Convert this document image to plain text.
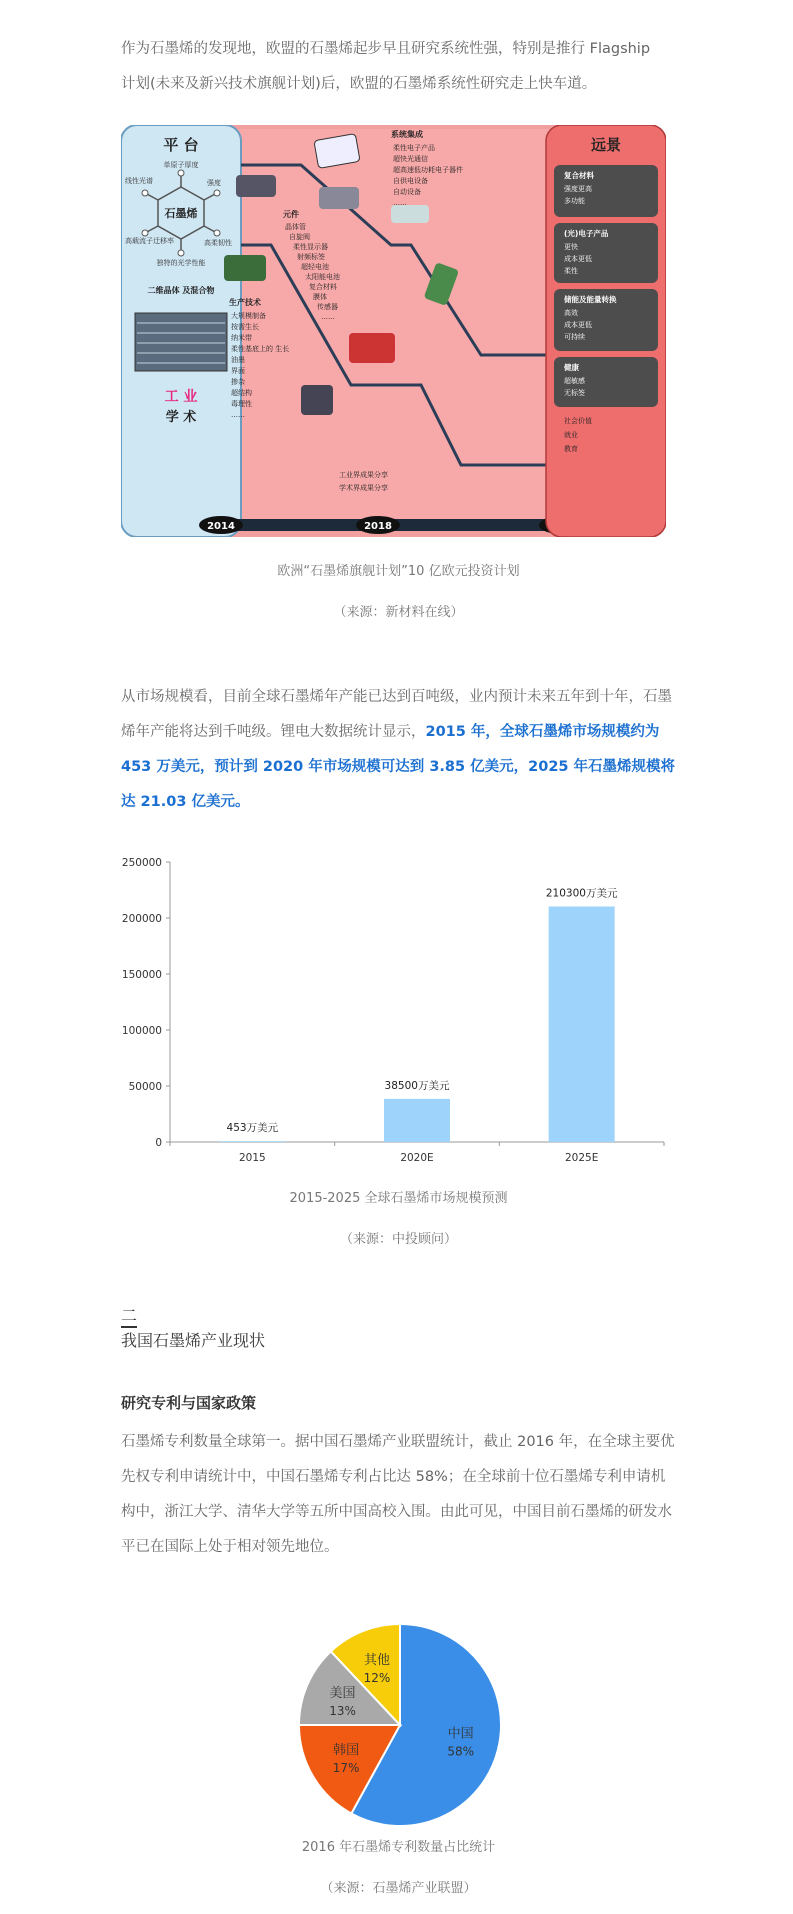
作为石墨烯的发现地，欧盟的石墨烯起步早且研究系统性强，特别是推行 Flagship
计划(未来及新兴技术旗舰计划)后，欧盟的石墨烯系统性研究走上快车道。
平 台
石墨烯
单原子厚度
强度
高柔韧性
独特的光学性能
高载流子迁移率
线性光谱
二维晶体 及混合物
工 业
学 术
2014	2018
系统集成
柔性电子产品
超快光通信
超高速低功耗电子器件
自供电设备
自动设备
……
元件
晶体管
自旋阀
柔性显示器
射频标签
超轻电池
太阳能电池
复合材料
膜体
传感器
……
生产技术
大规模制备
按需生长
纳米带
柔性基底上的 生长
油墨
界面
掺杂
超结构
毒理性
……
工业界成果分享
学术界成果分享
远景
复合材料
强度更高
多功能
(光)电子产品
更快
成本更低
柔性
储能及能量转换
高效
成本更低
可持续
健康
超敏感
无标签
社会价值
就业
教育
欧洲“石墨烯旗舰计划”10 亿欧元投资计划
（来源：新材料在线）
从市场规模看，目前全球石墨烯年产能已达到百吨级，业内预计未来五年到十年，石墨烯年产能将达到千吨级。锂电大数据统计显示，2015 年，全球石墨烯市场规模约为 453 万美元，预计到 2020 年市场规模可达到 3.85 亿美元，2025 年石墨烯规模将达 21.03 亿美元。
0
50000
100000
150000
200000
250000
2015	2020E	2025E
453万美元
38500万美元
210300万美元
2015-2025 全球石墨烯市场规模预测
（来源：中投顾问）
二
我国石墨烯产业现状
研究专利与国家政策
石墨烯专利数量全球第一。据中国石墨烯产业联盟统计，截止 2016 年，在全球主要优先权专利申请统计中，中国石墨烯专利占比达 58%；在全球前十位石墨烯专利申请机构中，浙江大学、清华大学等五所中国高校入围。由此可见，中国目前石墨烯的研发水平已在国际上处于相对领先地位。
中国
58%
韩国
17%
美国
13%
其他
12%
2016 年石墨烯专利数量占比统计
（来源：石墨烯产业联盟）
